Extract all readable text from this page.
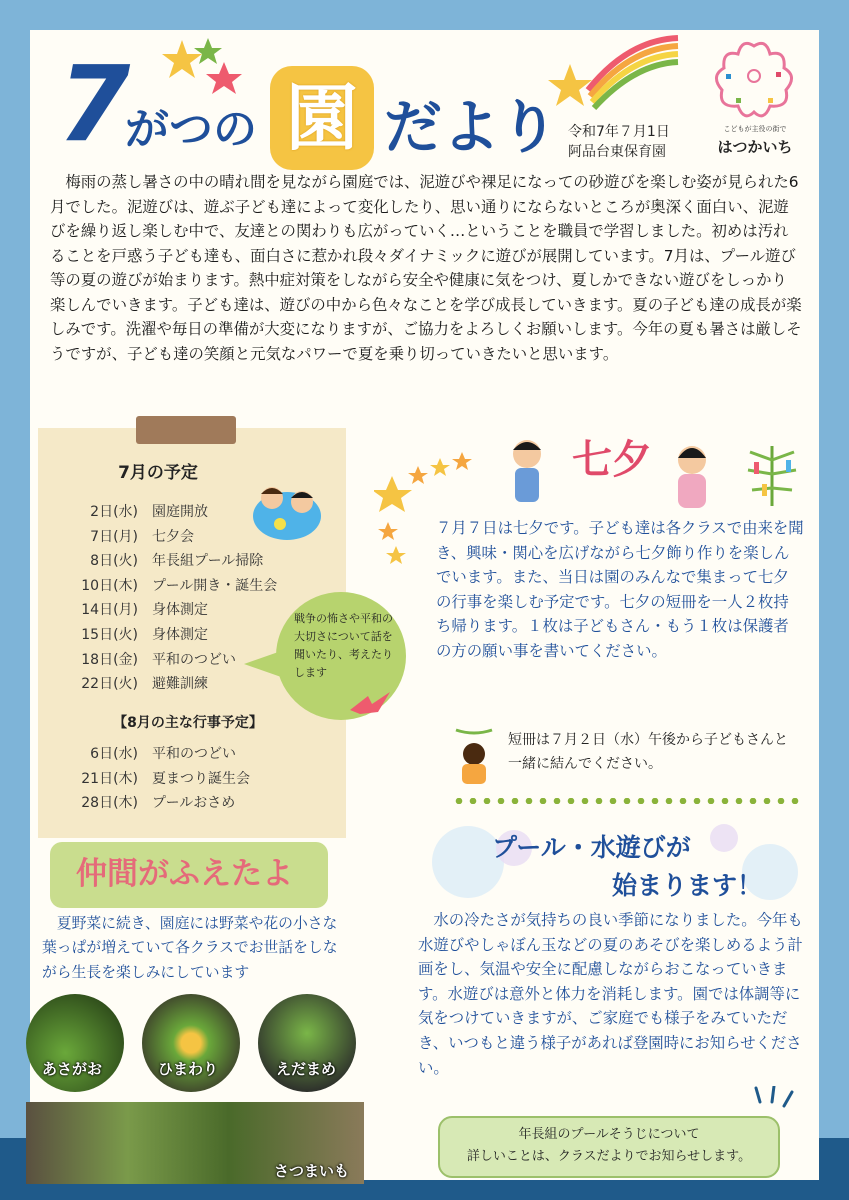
7
がつの 園 だより 令和7年７月1日
阿品台東保育園
こどもが主役の街で
はつかいち
梅雨の蒸し暑さの中の晴れ間を見ながら園庭では、泥遊びや裸足になっての砂遊びを楽しむ姿が見られた6月でした。泥遊びは、遊ぶ子ども達によって変化したり、思い通りにならないところが奥深く面白い、泥遊びを繰り返し楽しむ中で、友達との関わりも広がっていく…ということを職員で学習しました。初めは汚れることを戸惑う子ども達も、面白さに惹かれ段々ダイナミックに遊びが展開しています。7月は、プール遊び等の夏の遊びが始まります。熱中症対策をしながら安全や健康に気をつけ、夏しかできない遊びをしっかり楽しんでいきます。子ども達は、遊びの中から色々なことを学び成長していきます。夏の子ども達の成長が楽しみです。洗濯や毎日の準備が大変になりますが、ご協力をよろしくお願いします。今年の夏も暑さは厳しそうですが、子ども達の笑顔と元気なパワーで夏を乗り切っていきたいと思います。
7月の予定
2日(水) 園庭開放
7日(月) 七夕会
8日(火) 年長組プール掃除
10日(木) プール開き・誕生会
14日(月) 身体測定
15日(火) 身体測定
18日(金) 平和のつどい
22日(火) 避難訓練
【8月の主な行事予定】
6日(水) 平和のつどい
21日(木) 夏まつり誕生会
28日(木) プールおさめ
戦争の怖さや平和の大切さについて話を聞いたり、考えたりします
七夕
７月７日は七夕です。子ども達は各クラスで由来を聞き、興味・関心を広げながら七夕飾り作りを楽しんでいます。また、当日は園のみんなで集まって七夕の行事を楽しむ予定です。七夕の短冊を一人２枚持ち帰ります。１枚は子どもさん・もう１枚は保護者の方の願い事を書いてください。
短冊は７月２日（水）午後から子どもさんと一緒に結んでください。
プール・水遊びが
始まります！
水の冷たさが気持ちの良い季節になりました。今年も水遊びやしゃぼん玉などの夏のあそびを楽しめるよう計画をし、気温や安全に配慮しながらおこなっていきます。水遊びは意外と体力を消耗します。園では体調等に気をつけていきますが、ご家庭でも様子をみていただき、いつもと違う様子があれば登園時にお知らせください。
年長組のプールそうじについて
詳しいことは、クラスだよりでお知らせします。
仲間がふえたよ
夏野菜に続き、園庭には野菜や花の小さな葉っぱが増えていて各クラスでお世話をしながら生長を楽しみにしています
あさがお	ひまわり	えだまめ
さつまいも
